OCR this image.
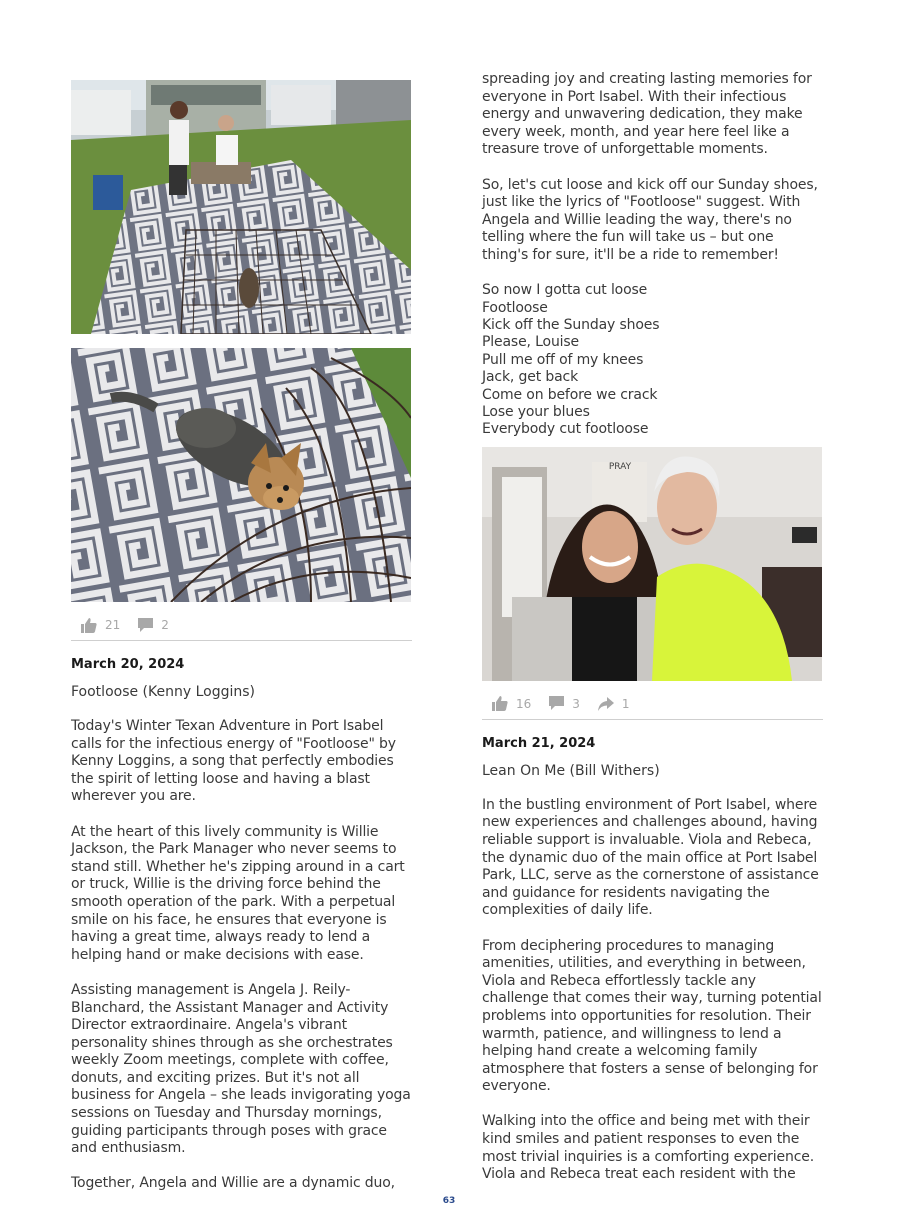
21	2
March 20, 2024
Footloose (Kenny Loggins)

Today's Winter Texan Adventure in Port Isabel calls for the infectious energy of "Footloose" by Kenny Loggins, a song that perfectly embodies the spirit of letting loose and having a blast wherever you are.

At the heart of this lively community is Willie Jackson, the Park Manager who never seems to stand still. Whether he's zipping around in a cart or truck, Willie is the driving force behind the smooth operation of the park. With a perpetual smile on his face, he ensures that everyone is having a great time, always ready to lend a helping hand or make decisions with ease.

Assisting management is Angela J. Reily-Blanchard, the Assistant Manager and Activity Director extraordinaire. Angela's vibrant personality shines through as she orchestrates weekly Zoom meetings, complete with coffee, donuts, and exciting prizes. But it's not all business for Angela – she leads invigorating yoga sessions on Tuesday and Thursday mornings, guiding participants through poses with grace and enthusiasm.

Together, Angela and Willie are a dynamic duo,

spreading joy and creating lasting memories for everyone in Port Isabel. With their infectious energy and unwavering dedication, they make every week, month, and year here feel like a treasure trove of unforgettable moments.

So, let's cut loose and kick off our Sunday shoes, just like the lyrics of "Footloose" suggest. With Angela and Willie leading the way, there's no telling where the fun will take us – but one thing's for sure, it'll be a ride to remember!

So now I gotta cut loose

Footloose

Kick off the Sunday shoes

Please, Louise

Pull me off of my knees

Jack, get back

Come on before we crack

Lose your blues

Everybody cut footloose

PRAY
16	3	1
March 21, 2024
Lean On Me (Bill Withers)

In the bustling environment of Port Isabel, where new experiences and challenges abound, having reliable support is invaluable. Viola and Rebeca, the dynamic duo of the main office at Port Isabel Park, LLC, serve as the cornerstone of assistance and guidance for residents navigating the complexities of daily life.

From deciphering procedures to managing amenities, utilities, and everything in between, Viola and Rebeca effortlessly tackle any challenge that comes their way, turning potential problems into opportunities for resolution. Their warmth, patience, and willingness to lend a helping hand create a welcoming family atmosphere that fosters a sense of belonging for everyone.

Walking into the office and being met with their kind smiles and patient responses to even the most trivial inquiries is a comforting experience. Viola and Rebeca treat each resident with the

63
